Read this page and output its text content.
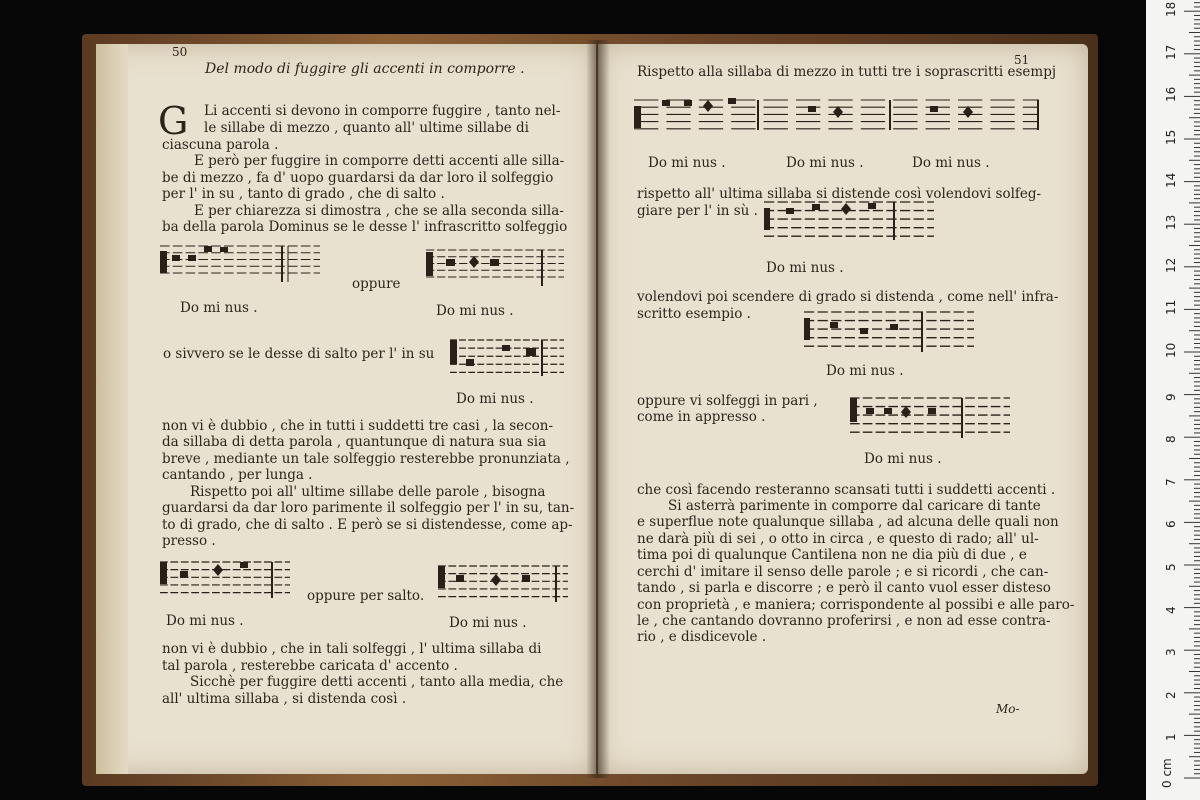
50
Del modo di fuggire gli accenti in comporre .
G Li accenti si devono in comporre fuggire , tanto nel-
le sillabe di mezzo , quanto all' ultime sillabe di
ciascuna parola .
E però per fuggire in comporre detti accenti alle silla-
be di mezzo , fa d' uopo guardarsi da dar loro il solfeggio
per l' in su , tanto di grado , che di salto .
E per chiarezza si dimostra , che se alla seconda silla-
ba della parola Dominus se le desse l' infrascritto solfeggio
oppure
Do mi nus .	Do mi nus .
o sivvero se le desse di salto per l' in su
Do mi nus .
non vi è dubbio , che in tutti i suddetti tre casi , la secon-
da sillaba di detta parola , quantunque di natura sua sia
breve , mediante un tale solfeggio resterebbe pronunziata ,
cantando , per lunga .
Rispetto poi all' ultime sillabe delle parole , bisogna
guardarsi da dar loro parimente il solfeggio per l' in su, tan-
to di grado, che di salto . E però se si distendesse, come ap-
presso .
oppure per salto.
Do mi nus .	Do mi nus .
non vi è dubbio , che in tali solfeggi , l' ultima sillaba di
tal parola , resterebbe caricata d' accento .
Sicchè per fuggire detti accenti , tanto alla media, che
all' ultima sillaba , si distenda così .
51
Rispetto alla sillaba di mezzo in tutti tre i soprascritti esempj
Do mi nus .	Do mi nus .	Do mi nus .
rispetto all' ultima sillaba si distende così volendovi solfeg-
giare per l' in sù .
Do mi nus .
volendovi poi scendere di grado si distenda , come nell' infra-
scritto esempio .
Do mi nus .
oppure vi solfeggi in pari ,
come in appresso .
Do mi nus .
che così facendo resteranno scansati tutti i suddetti accenti .
Si asterrà parimente in comporre dal caricare di tante
e superflue note qualunque sillaba , ad alcuna delle quali non
ne darà più di sei , o otto in circa , e questo di rado; all' ul-
tima poi di qualunque Cantilena non ne dia più di due , e
cerchi d' imitare il senso delle parole ; e si ricordi , che can-
tando , si parla e discorre ; e però il canto vuol esser disteso
con proprietà , e maniera; corrispondente al possibi e alle paro-
le , che cantando dovranno proferirsi , e non ad esse contra-
rio , e disdicevole .
Mo-
0 cm
1
2
3
4
5
6
7
8
9
10
11
12
13
14
15
16
17
18
